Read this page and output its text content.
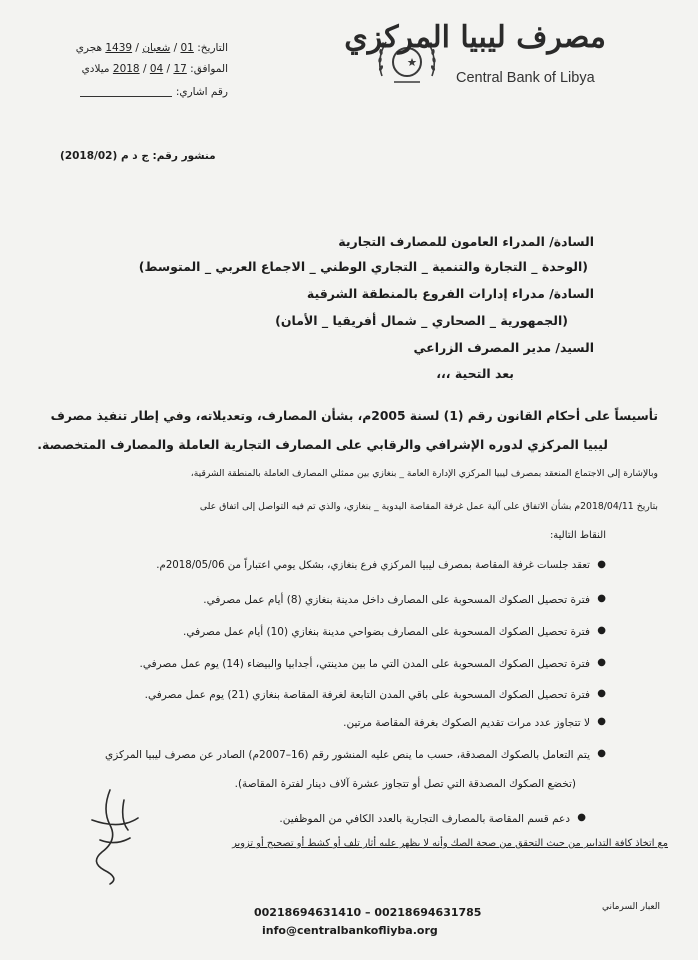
مصرف ليبيا المركزي
Central Bank of Libya
التاريخ: 01 / شعبان / 1439 هجري
الموافق: 17 / 04 / 2018 ميلادي
رقم اشاري:
منشور رقم: ج د م (2018/02)
السادة/ المدراء العامون للمصارف التجارية
(الوحدة _ التجارة والتنمية _ التجاري الوطني _ الاجماع العربي _ المتوسط)
السادة/ مدراء إدارات الفروع بالمنطقة الشرقية
(الجمهورية _ الصحاري _ شمال أفريقيا _ الأمان)
السيد/ مدير المصرف الزراعي
بعد التحية ،،،
تأسيساً على أحكام القانون رقم (1) لسنة 2005م، بشأن المصارف، وتعديلاته، وفي إطار تنفيذ مصرف
ليبيا المركزي لدوره الإشرافي والرقابي على المصارف التجارية العاملة والمصارف المتخصصة.
وبالإشارة إلى الاجتماع المنعقد بمصرف ليبيا المركزي الإدارة العامة _ بنغازي بين ممثلي المصارف العاملة بالمنطقة الشرقية،
بتاريخ 2018/04/11م بشأن الاتفاق على آلية عمل غرفة المقاصة اليدوية _ بنغازي، والذي تم فيه التواصل إلى اتفاق على
النقاط التالية:
●
تعقد جلسات غرفة المقاصة بمصرف ليبيا المركزي فرع بنغازي، بشكل يومي اعتباراً من 2018/05/06م.
●
فترة تحصيل الصكوك المسحوبة على المصارف داخل مدينة بنغازي (8) أيام عمل مصرفي.
●
فترة تحصيل الصكوك المسحوبة على المصارف بضواحي مدينة بنغازي (10) أيام عمل مصرفي.
●
فترة تحصيل الصكوك المسحوبة على المدن التي ما بين مدينتي، أجدابيا والبيضاء (14) يوم عمل مصرفي.
●
فترة تحصيل الصكوك المسحوبة على باقي المدن التابعة لغرفة المقاصة بنغازي (21) يوم عمل مصرفي.
●
لا تتجاوز عدد مرات تقديم الصكوك بغرفة المقاصة مرتين.
●
يتم التعامل بالصكوك المصدقة، حسب ما ينص عليه المنشور رقم (16–2007م) الصادر عن مصرف ليبيا المركزي
(تخضع الصكوك المصدقة التي تصل أو تتجاوز عشرة آلاف دينار لفترة المقاصة).
●
دعم قسم المقاصة بالمصارف التجارية بالعدد الكافي من الموظفين.
مع اتخاذ كافة التدابير من حيث التحقق من صحة الصك وأنه لا يظهر عليه أثار تلف أو كشط أو تصحيح أو تزوير
00218694631410 – 00218694631785
info@centralbankofliyba.org
العبار السرماني
